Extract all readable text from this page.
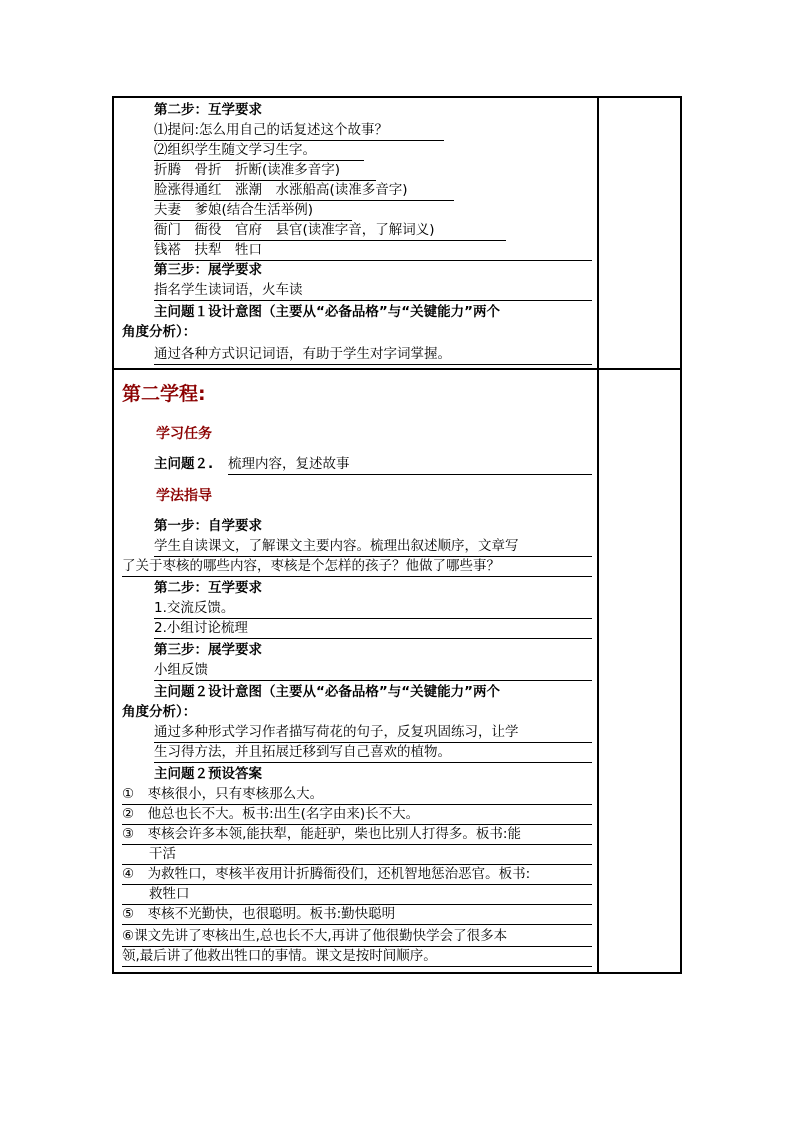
第二步：互学要求
⑴提问:怎么用自己的话复述这个故事？
⑵组织学生随文学习生字。
折腾　骨折　折断(读准多音字)
脸涨得通红　涨潮　水涨船高(读准多音字)
夫妻　爹娘(结合生活举例)
衙门　衙役　官府　县官(读准字音，了解词义)
钱褡　扶犁　牲口
第三步：展学要求
指名学生读词语，火车读
主问题１设计意图（主要从“必备品格”与“关键能力”两个
角度分析）：
通过各种方式识记词语，有助于学生对字词掌握。
第二学程:
学习任务
主问题２.	梳理内容，复述故事
学法指导
第一步：自学要求
学生自读课文，了解课文主要内容。梳理出叙述顺序，文章写
了关于枣核的哪些内容，枣核是个怎样的孩子？他做了哪些事？
第二步：互学要求
1.交流反馈。
2.小组讨论梳理
第三步：展学要求
小组反馈
主问题２设计意图（主要从“必备品格”与“关键能力”两个
角度分析）：
通过多种形式学习作者描写荷花的句子，反复巩固练习，让学
生习得方法，并且拓展迁移到写自己喜欢的植物。
主问题２预设答案
①　枣核很小，只有枣核那么大。
②　他总也长不大。板书:出生(名字由来)长不大。
③　枣核会许多本领,能扶犁，能赶驴，柴也比别人打得多。板书:能
　　干活
④　为救牲口，枣核半夜用计折腾衙役们，还机智地惩治恶官。板书:
　　救牲口
⑤　枣核不光勤快，也很聪明。板书:勤快聪明
⑥课文先讲了枣核出生,总也长不大,再讲了他很勤快学会了很多本
领,最后讲了他救出牲口的事情。课文是按时间顺序。
